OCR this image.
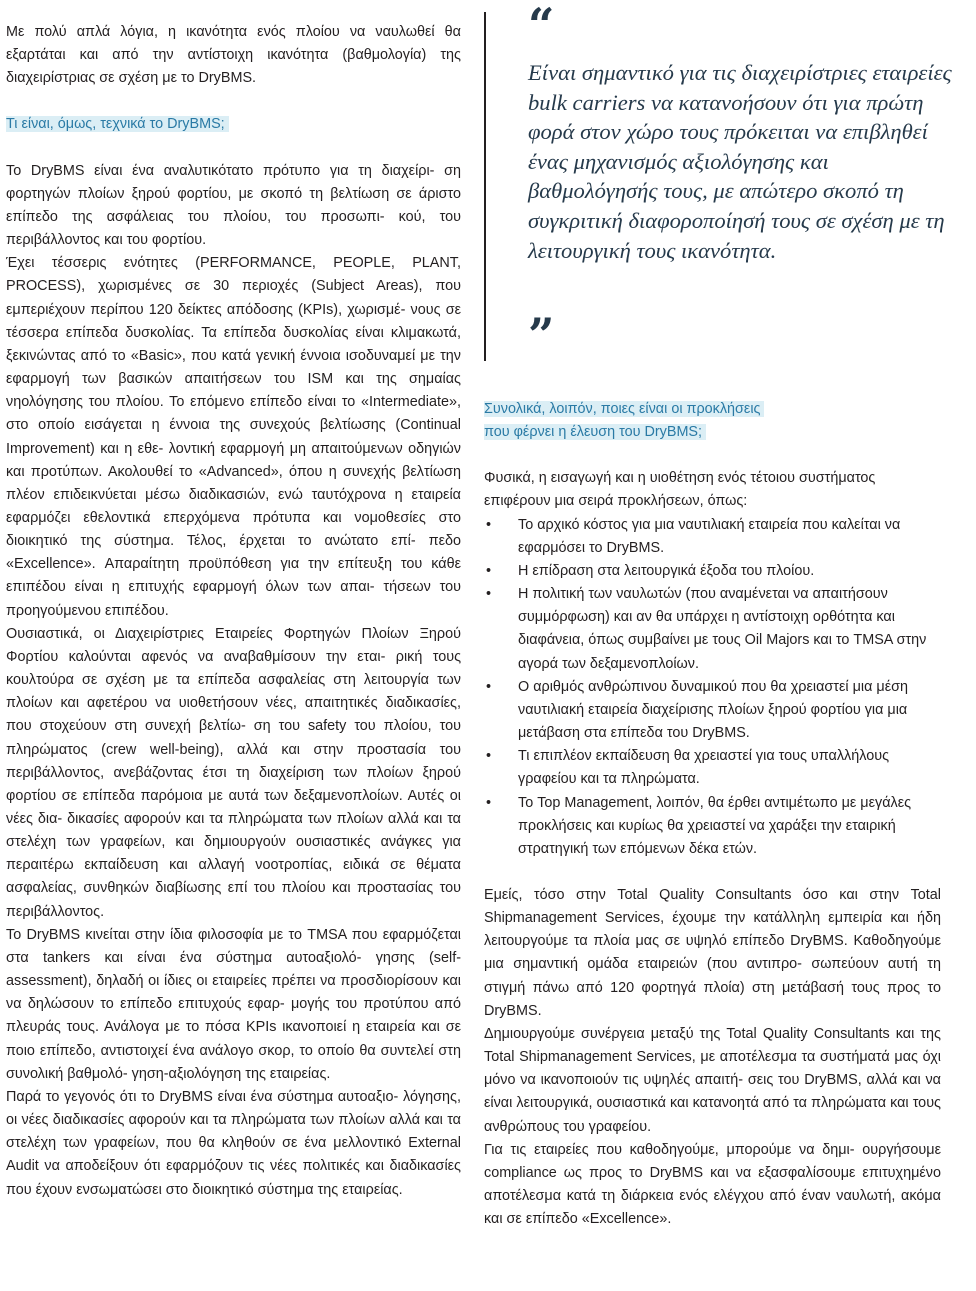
Με πολύ απλά λόγια, η ικανότητα ενός πλοίου να ναυλωθεί θα εξαρτάται και από την αντίστοιχη ικανότητα (βαθμολογία) της διαχειρίστριας σε σχέση με το DryBMS.

Τι είναι, όμως, τεχνικά το DryBMS;

Το DryBMS είναι ένα αναλυτικότατο πρότυπο για τη διαχείρι- ση φορτηγών πλοίων ξηρού φορτίου, με σκοπό τη βελτίωση σε άριστο επίπεδο της ασφάλειας του πλοίου, του προσωπι- κού, του περιβάλλοντος και του φορτίου.

Έχει τέσσερις ενότητες (PERFORMANCE, PEOPLE, PLANT, PROCESS), χωρισμένες σε 30 περιοχές (Subject Areas), που εμπεριέχουν περίπου 120 δείκτες απόδοσης (KPIs), χωρισμέ- νους σε τέσσερα επίπεδα δυσκολίας. Τα επίπεδα δυσκολίας είναι κλιμακωτά, ξεκινώντας από το «Basic», που κατά γενική έννοια ισοδυναμεί με την εφαρμογή των βασικών απαιτήσεων του ISM και της σημαίας νηολόγησης του πλοίου. Το επόμενο επίπεδο είναι το «Intermediate», στο οποίο εισάγεται η έννοια της συνεχούς βελτίωσης (Continual Improvement) και η εθε- λοντική εφαρμογή μη απαιτούμενων οδηγιών και προτύπων. Ακολουθεί το «Advanced», όπου η συνεχής βελτίωση πλέον επιδεικνύεται μέσω διαδικασιών, ενώ ταυτόχρονα η εταιρεία εφαρμόζει εθελοντικά επερχόμενα πρότυπα και νομοθεσίες στο διοικητικό της σύστημα. Τέλος, έρχεται το ανώτατο επί- πεδο «Excellence». Απαραίτητη προϋπόθεση για την επίτευξη του κάθε επιπέδου είναι η επιτυχής εφαρμογή όλων των απαι- τήσεων του προηγούμενου επιπέδου.

Ουσιαστικά, οι Διαχειρίστριες Εταιρείες Φορτηγών Πλοίων Ξηρού Φορτίου καλούνται αφενός να αναβαθμίσουν την εται- ρική τους κουλτούρα σε σχέση με τα επίπεδα ασφαλείας στη λειτουργία των πλοίων και αφετέρου να υιοθετήσουν νέες, απαιτητικές διαδικασίες, που στοχεύουν στη συνεχή βελτίω- ση του safety του πλοίου, του πληρώματος (crew well-being), αλλά και στην προστασία του περιβάλλοντος, ανεβάζοντας έτσι τη διαχείριση των πλοίων ξηρού φορτίου σε επίπεδα παρόμοια με αυτά των δεξαμενοπλοίων. Αυτές οι νέες δια- δικασίες αφορούν και τα πληρώματα των πλοίων αλλά και τα στελέχη των γραφείων, και δημιουργούν ουσιαστικές ανάγκες για περαιτέρω εκπαίδευση και αλλαγή νοοτροπίας, ειδικά σε θέματα ασφαλείας, συνθηκών διαβίωσης επί του πλοίου και προστασίας του περιβάλλοντος.

Το DryBMS κινείται στην ίδια φιλοσοφία με το TMSA που εφαρμόζεται στα tankers και είναι ένα σύστημα αυτοαξιολό- γησης (self-assessment), δηλαδή οι ίδιες οι εταιρείες πρέπει να προσδιορίσουν και να δηλώσουν το επίπεδο επιτυχούς εφαρ- μογής του προτύπου από πλευράς τους. Ανάλογα με το πόσα KPIs ικανοποιεί η εταιρεία και σε ποιο επίπεδο, αντιστοιχεί ένα ανάλογο σκορ, το οποίο θα συντελεί στη συνολική βαθμολό- γηση-αξιολόγηση της εταιρείας.

Παρά το γεγονός ότι το DryBMS είναι ένα σύστημα αυτοαξιο- λόγησης, οι νέες διαδικασίες αφορούν και τα πληρώματα των πλοίων αλλά και τα στελέχη των γραφείων, που θα κληθούν σε ένα μελλοντικό External Audit να αποδείξουν ότι εφαρμόζουν τις νέες πολιτικές και διαδικασίες που έχουν ενσωματώσει στο διοικητικό σύστημα της εταιρείας.

“

Είναι σημαντικό για τις διαχειρίστριες εταιρείες bulk carriers να κατανοήσουν ότι για πρώτη φορά στον χώρο τους πρόκειται να επιβληθεί ένας μηχανισμός αξιολόγησης και βαθμολόγησής τους, με απώτερο σκοπό τη συγκριτική διαφοροποίησή τους σε σχέση με τη λειτουργική τους ικανότητα.

”
Συνολικά, λοιπόν, ποιες είναι οι προκλήσεις
που φέρνει η έλευση του DryBMS;

Φυσικά, η εισαγωγή και η υιοθέτηση ενός τέτοιου συστήματος επιφέρουν μια σειρά προκλήσεων, όπως:

• Το αρχικό κόστος για μια ναυτιλιακή εταιρεία που καλείται να εφαρμόσει το DryBMS.
• Η επίδραση στα λειτουργικά έξοδα του πλοίου.
• Η πολιτική των ναυλωτών (που αναμένεται να απαιτήσουν συμμόρφωση) και αν θα υπάρχει η αντίστοιχη ορθότητα και διαφάνεια, όπως συμβαίνει με τους Oil Majors και το TMSA στην αγορά των δεξαμενοπλοίων.
• Ο αριθμός ανθρώπινου δυναμικού που θα χρειαστεί μια μέση ναυτιλιακή εταιρεία διαχείρισης πλοίων ξηρού φορτίου για μια μετάβαση στα επίπεδα του DryBMS.
• Τι επιπλέον εκπαίδευση θα χρειαστεί για τους υπαλλήλους γραφείου και τα πληρώματα.
• Το Top Management, λοιπόν, θα έρθει αντιμέτωπο με μεγάλες προκλήσεις και κυρίως θα χρειαστεί να χαράξει την εταιρική στρατηγική των επόμενων δέκα ετών.

Εμείς, τόσο στην Total Quality Consultants όσο και στην Total Shipmanagement Services, έχουμε την κατάλληλη εμπειρία και ήδη λειτουργούμε τα πλοία μας σε υψηλό επίπεδο DryBMS. Καθοδηγούμε μια σημαντική ομάδα εταιρειών (που αντιπρο- σωπεύουν αυτή τη στιγμή πάνω από 120 φορτηγά πλοία) στη μετάβασή τους προς το DryBMS.

Δημιουργούμε συνέργεια μεταξύ της Total Quality Consultants και της Total Shipmanagement Services, με αποτέλεσμα τα συστήματά μας όχι μόνο να ικανοποιούν τις υψηλές απαιτή- σεις του DryBMS, αλλά και να είναι λειτουργικά, ουσιαστικά και κατανοητά από τα πληρώματα και τους ανθρώπους του γραφείου.

Για τις εταιρείες που καθοδηγούμε, μπορούμε να δημι- ουργήσουμε compliance ως προς το DryBMS και να εξασφαλίσουμε επιτυχημένο αποτέλεσμα κατά τη διάρκεια ενός ελέγχου από έναν ναυλωτή, ακόμα και σε επίπεδο «Excellence».
